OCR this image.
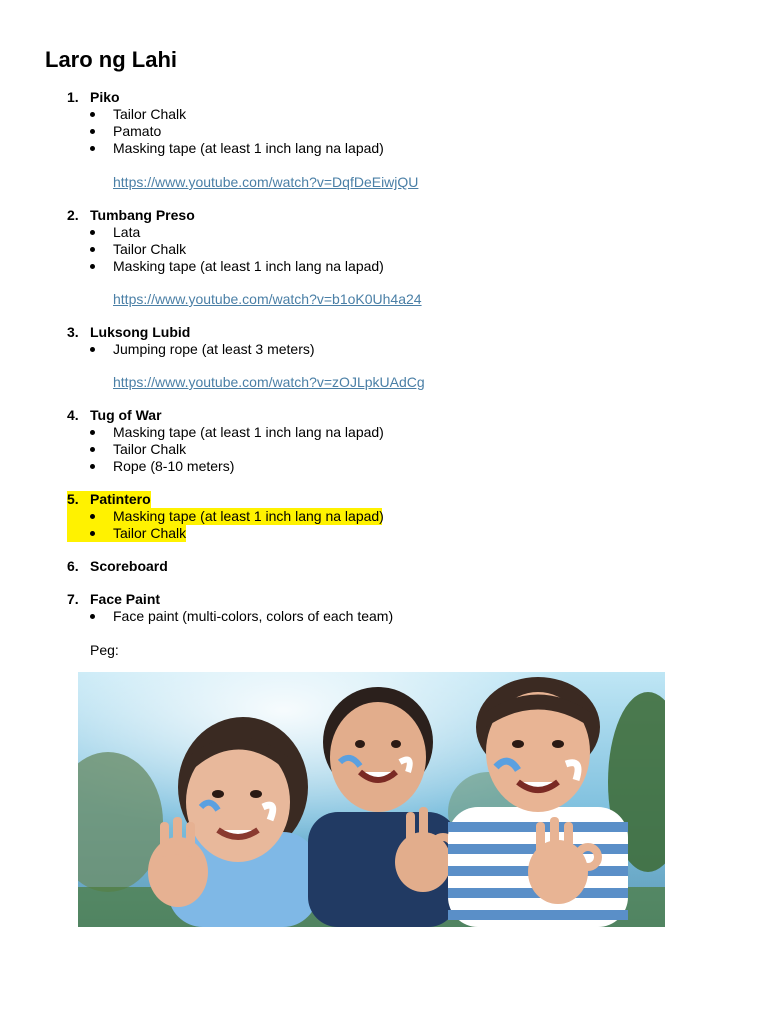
Laro ng Lahi
1. Piko
Tailor Chalk
Pamato
Masking tape (at least 1 inch lang na lapad)
https://www.youtube.com/watch?v=DqfDeEiwjQU
2. Tumbang Preso
Lata
Tailor Chalk
Masking tape (at least 1 inch lang na lapad)
https://www.youtube.com/watch?v=b1oK0Uh4a24
3. Luksong Lubid
Jumping rope (at least 3 meters)
https://www.youtube.com/watch?v=zOJLpkUAdCg
4. Tug of War
Masking tape (at least 1 inch lang na lapad)
Tailor Chalk
Rope (8-10 meters)
5. Patintero
Masking tape (at least 1 inch lang na lapad)
Tailor Chalk
6. Scoreboard
7. Face Paint
Face paint (multi-colors, colors of each team)
Peg:
